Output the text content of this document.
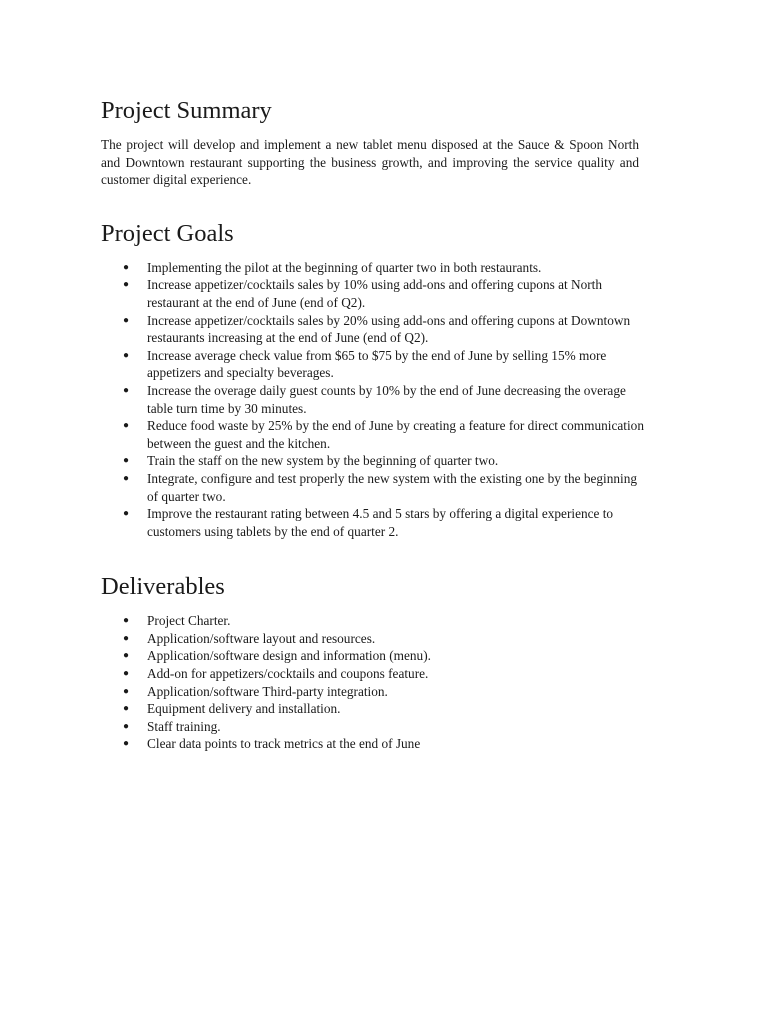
Project Summary

The project will develop and implement a new tablet menu disposed at the Sauce & Spoon North and Downtown restaurant supporting the business growth, and improving the service quality and customer digital experience.

Project Goals
● Implementing the pilot at the beginning of quarter two in both restaurants.
● Increase appetizer/cocktails sales by 10% using add-ons and offering cupons at North restaurant at the end of June (end of Q2).
● Increase appetizer/cocktails sales by 20% using add-ons and offering cupons at Downtown restaurants increasing at the end of June (end of Q2).
● Increase average check value from $65 to $75 by the end of June by selling 15% more appetizers and specialty beverages.
● Increase the overage daily guest counts by 10% by the end of June decreasing the overage table turn time by 30 minutes.
● Reduce food waste by 25% by the end of June by creating a feature for direct communication between the guest and the kitchen.
● Train the staff on the new system by the beginning of quarter two.
● Integrate, configure and test properly the new system with the existing one by the beginning of quarter two.
● Improve the restaurant rating between 4.5 and 5 stars by offering a digital experience to customers using tablets by the end of quarter 2.
Deliverables
● Project Charter.
● Application/software layout and resources.
● Application/software design and information (menu).
● Add-on for appetizers/cocktails and coupons feature.
● Application/software Third-party integration.
● Equipment delivery and installation.
● Staff training.
● Clear data points to track metrics at the end of June
